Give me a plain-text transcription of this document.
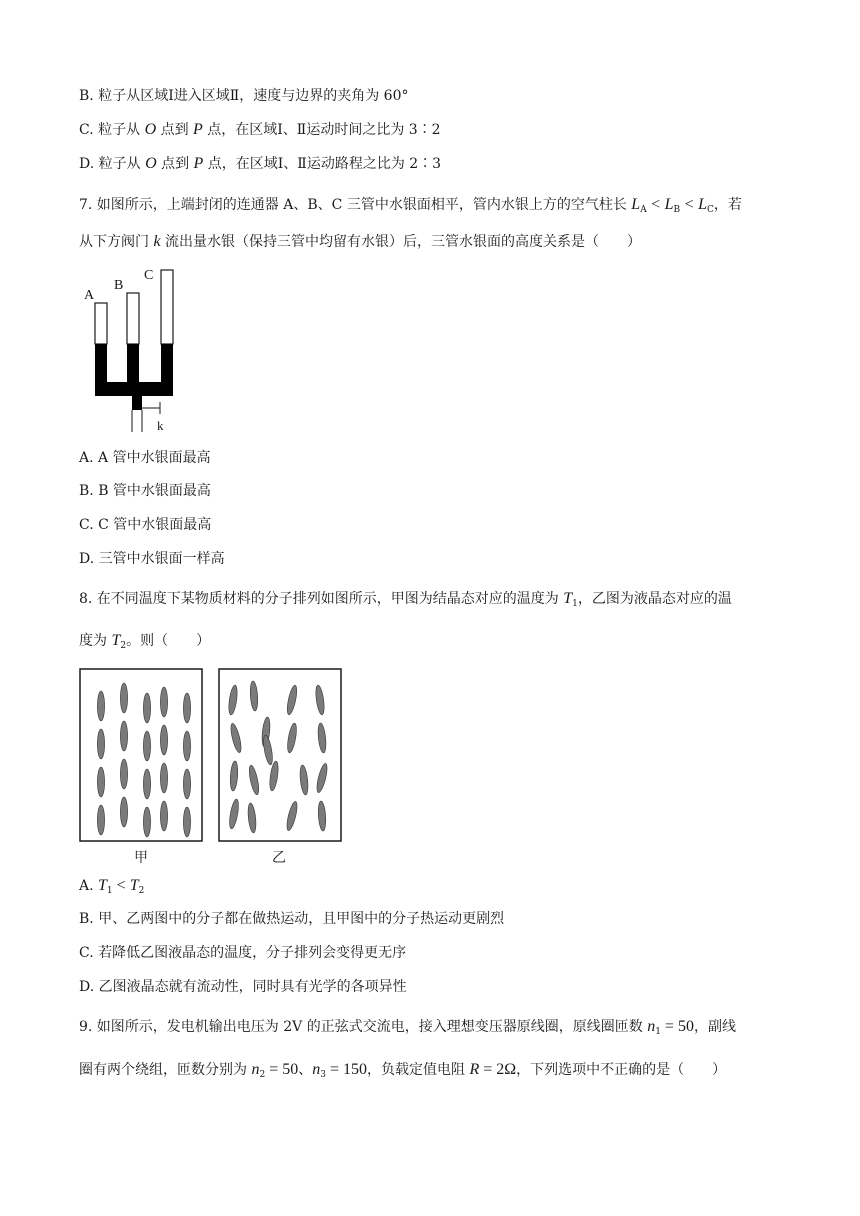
B. 粒子从区域Ⅰ进入区域Ⅱ，速度与边界的夹角为 60°
C. 粒子从 O 点到 P 点，在区域Ⅰ、Ⅱ运动时间之比为 3∶2
D. 粒子从 O 点到 P 点，在区域Ⅰ、Ⅱ运动路程之比为 2∶3
7. 如图所示，上端封闭的连通器 A、B、C 三管中水银面相平，管内水银上方的空气柱长 $L_A < L_B < L_C$，若
从下方阀门 k 流出量水银（保持三管中均留有水银）后，三管水银面的高度关系是（　　）
A
B
C
k
A. A 管中水银面最高
B. B 管中水银面最高
C. C 管中水银面最高
D. 三管中水银面一样高
8. 在不同温度下某物质材料的分子排列如图所示，甲图为结晶态对应的温度为 $T_1$，乙图为液晶态对应的温
度为 $T_2$。则（　　）
甲	乙
A. $T_1 < T_2$
B. 甲、乙两图中的分子都在做热运动，且甲图中的分子热运动更剧烈
C. 若降低乙图液晶态的温度，分子排列会变得更无序
D. 乙图液晶态就有流动性，同时具有光学的各项异性
9. 如图所示，发电机输出电压为 2V 的正弦式交流电，接入理想变压器原线圈，原线圈匝数 $n_1 = 50$，副线
圈有两个绕组，匝数分别为 $n_2 = 50$、$n_3 = 150$，负载定值电阻 R = 2Ω，下列选项中不正确的是（　　）
